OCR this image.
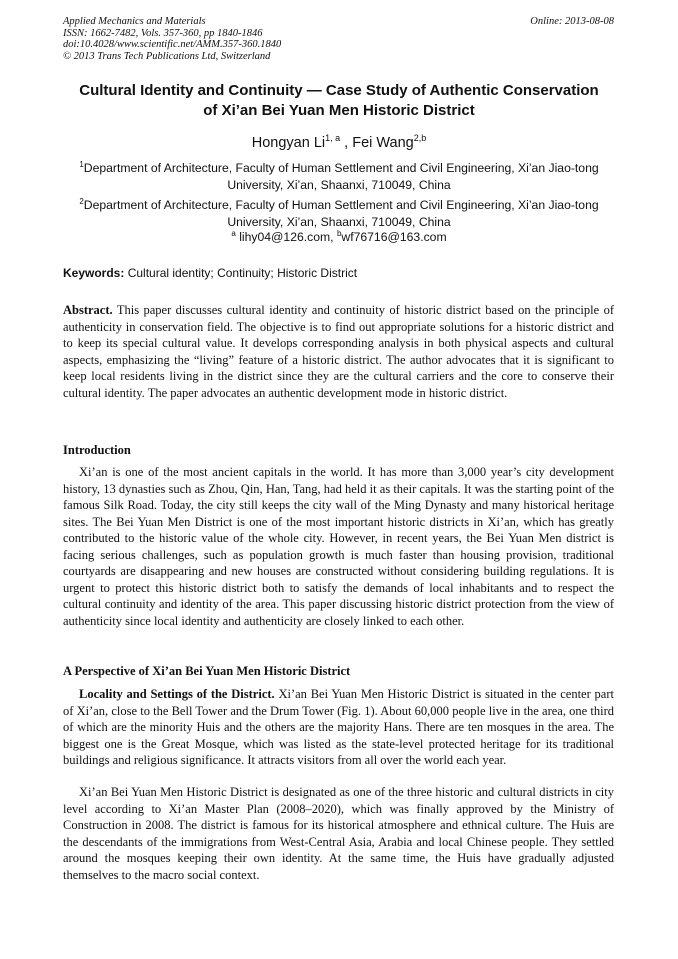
Applied Mechanics and Materials
ISSN: 1662-7482, Vols. 357-360, pp 1840-1846
doi:10.4028/www.scientific.net/AMM.357-360.1840
© 2013 Trans Tech Publications Ltd, Switzerland
Online: 2013-08-08
Cultural Identity and Continuity — Case Study of Authentic Conservation
of Xi’an Bei Yuan Men Historic District
Hongyan Li$^{1, a}$ , Fei Wang$^{2,b}$
$^1$Department of Architecture, Faculty of Human Settlement and Civil Engineering, Xi’an Jiao-tong University, Xi’an, Shaanxi, 710049, China
$^2$Department of Architecture, Faculty of Human Settlement and Civil Engineering, Xi’an Jiao-tong University, Xi’an, Shaanxi, 710049, China
$^a$ lihy04@126.com, $^b$wf76716@163.com
Keywords: Cultural identity; Continuity; Historic District
Abstract. This paper discusses cultural identity and continuity of historic district based on the principle of authenticity in conservation field. The objective is to find out appropriate solutions for a historic district and to keep its special cultural value. It develops corresponding analysis in both physical aspects and cultural aspects, emphasizing the “living” feature of a historic district. The author advocates that it is significant to keep local residents living in the district since they are the cultural carriers and the core to conserve their cultural identity. The paper advocates an authentic development mode in historic district.
Introduction
Xi’an is one of the most ancient capitals in the world. It has more than 3,000 year’s city development history, 13 dynasties such as Zhou, Qin, Han, Tang, had held it as their capitals. It was the starting point of the famous Silk Road. Today, the city still keeps the city wall of the Ming Dynasty and many historical heritage sites. The Bei Yuan Men District is one of the most important historic districts in Xi’an, which has greatly contributed to the historic value of the whole city. However, in recent years, the Bei Yuan Men district is facing serious challenges, such as population growth is much faster than housing provision, traditional courtyards are disappearing and new houses are constructed without considering building regulations. It is urgent to protect this historic district both to satisfy the demands of local inhabitants and to respect the cultural continuity and identity of the area. This paper discussing historic district protection from the view of authenticity since local identity and authenticity are closely linked to each other.
A Perspective of Xi’an Bei Yuan Men Historic District
Locality and Settings of the District. Xi’an Bei Yuan Men Historic District is situated in the center part of Xi’an, close to the Bell Tower and the Drum Tower (Fig. 1). About 60,000 people live in the area, one third of which are the minority Huis and the others are the majority Hans. There are ten mosques in the area. The biggest one is the Great Mosque, which was listed as the state-level protected heritage for its traditional buildings and religious significance. It attracts visitors from all over the world each year.
Xi’an Bei Yuan Men Historic District is designated as one of the three historic and cultural districts in city level according to Xi’an Master Plan (2008–2020), which was finally approved by the Ministry of Construction in 2008. The district is famous for its historical atmosphere and ethnical culture. The Huis are the descendants of the immigrations from West-Central Asia, Arabia and local Chinese people. They settled around the mosques keeping their own identity. At the same time, the Huis have gradually adjusted themselves to the macro social context.
